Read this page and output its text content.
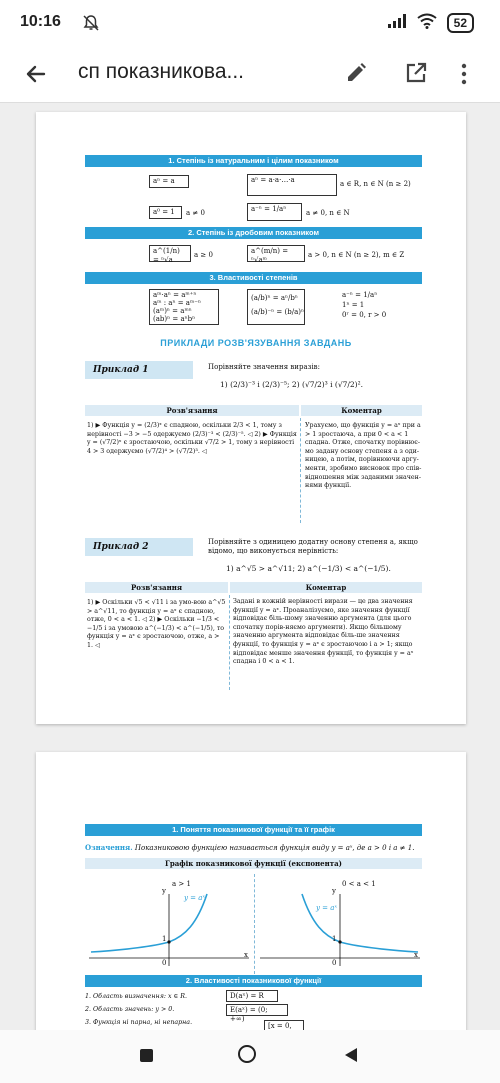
10:16	52
сп показникова...
1. Степінь із натуральним і цілим показником
aⁿ = a	aⁿ = a·a·…·a	a ∈ R, n ∈ N (n ≥ 2)
a⁰ = 1	a ≠ 0	a⁻ⁿ = 1/aⁿ	a ≠ 0, n ∈ N
2. Степінь із дробовим показником
a^(1/n) = ⁿ√a
a ≥ 0	a^(m/n) = ⁿ√aᵐ
a > 0, n ∈ N (n ≥ 2), m ∈ Z
3. Властивості степенів
aᵐ·aⁿ = aᵐ⁺ⁿ
aᵐ : aⁿ = aᵐ⁻ⁿ
(aᵐ)ⁿ = aᵐⁿ
(ab)ⁿ = aⁿbⁿ
(a/b)ⁿ = aⁿ/bⁿ
(a/b)⁻ⁿ = (b/a)ⁿ
a⁻ⁿ = 1/aⁿ
1ⁿ = 1
0ʳ = 0, r > 0
ПРИКЛАДИ РОЗВ'ЯЗУВАННЯ ЗАВДАНЬ
Приклад 1	Порівняйте значення виразів:
1) (2/3)⁻³ і (2/3)⁻⁵; 2) (√7/2)³ і (√7/2)².
Розв'язання	Коментар
1) ▶ Функція y = (2/3)ˣ є спадною, оскільки 2/3 < 1, тому з нерівності −3 > −5 одержуємо (2/3)⁻³ < (2/3)⁻⁵. ◁ 2) ▶ Функція y = (√7/2)ˣ є зростаючою, оскільки √7/2 > 1, тому з нерівності 4 > 3 одержуємо (√7/2)⁴ > (√7/2)³. ◁
Урахуємо, що функція y = aˣ при a > 1 зростаюча, а при 0 < a < 1 спадна. Отже, спочатку порівнює-мо задану основу степеня a з оди-ницею, а потім, порівнюючи аргу-менти, зробимо висновок про спів-відношення між заданими значен-нями функції.
Приклад 2	Порівняйте з одиницею додатну основу степеня a, якщо відомо, що виконується нерівність:
1) a^√5 > a^√11; 2) a^(−1/3) < a^(−1/5).
Розв'язання	Коментар
1) ▶ Оскільки √5 < √11 і за умо-вою a^√5 > a^√11, то функція y = aˣ є спадною, отже, 0 < a < 1. ◁ 2) ▶ Оскільки −1/3 < −1/5 і за умовою a^(−1/3) < a^(−1/5), то функція y = aˣ є зростаючою, отже, a > 1. ◁
Задані в кожній нерівності вирази — це два значення функції y = aˣ. Проаналізуємо, яке значення функції відповідає біль-шому значенню аргумента (для цього спочатку порів-няємо аргументи). Якщо більшому значенню аргумента відповідає біль-ше значення функції, то функція y = aˣ є зростаючою і a > 1; якщо відповідає менше значення функції, то функція y = aˣ спадна і 0 < a < 1.
1. Поняття показникової функції та її графік
Означення. Показниковою функцією називається функція виду y = aˣ, де a > 0 і a ≠ 1.
Графік показникової функції (експонента)
a > 1	0 < a < 1
y
y = aˣ
1
0
x
y
y = aˣ
1
0
x
2. Властивості показникової функції
1. Область визначення: x ∈ R.
2. Область значень: y > 0.
3. Функція ні парна, ні непарна.
D(aˣ) = R
E(aˣ) = (0; +∞)
[x = 0,
